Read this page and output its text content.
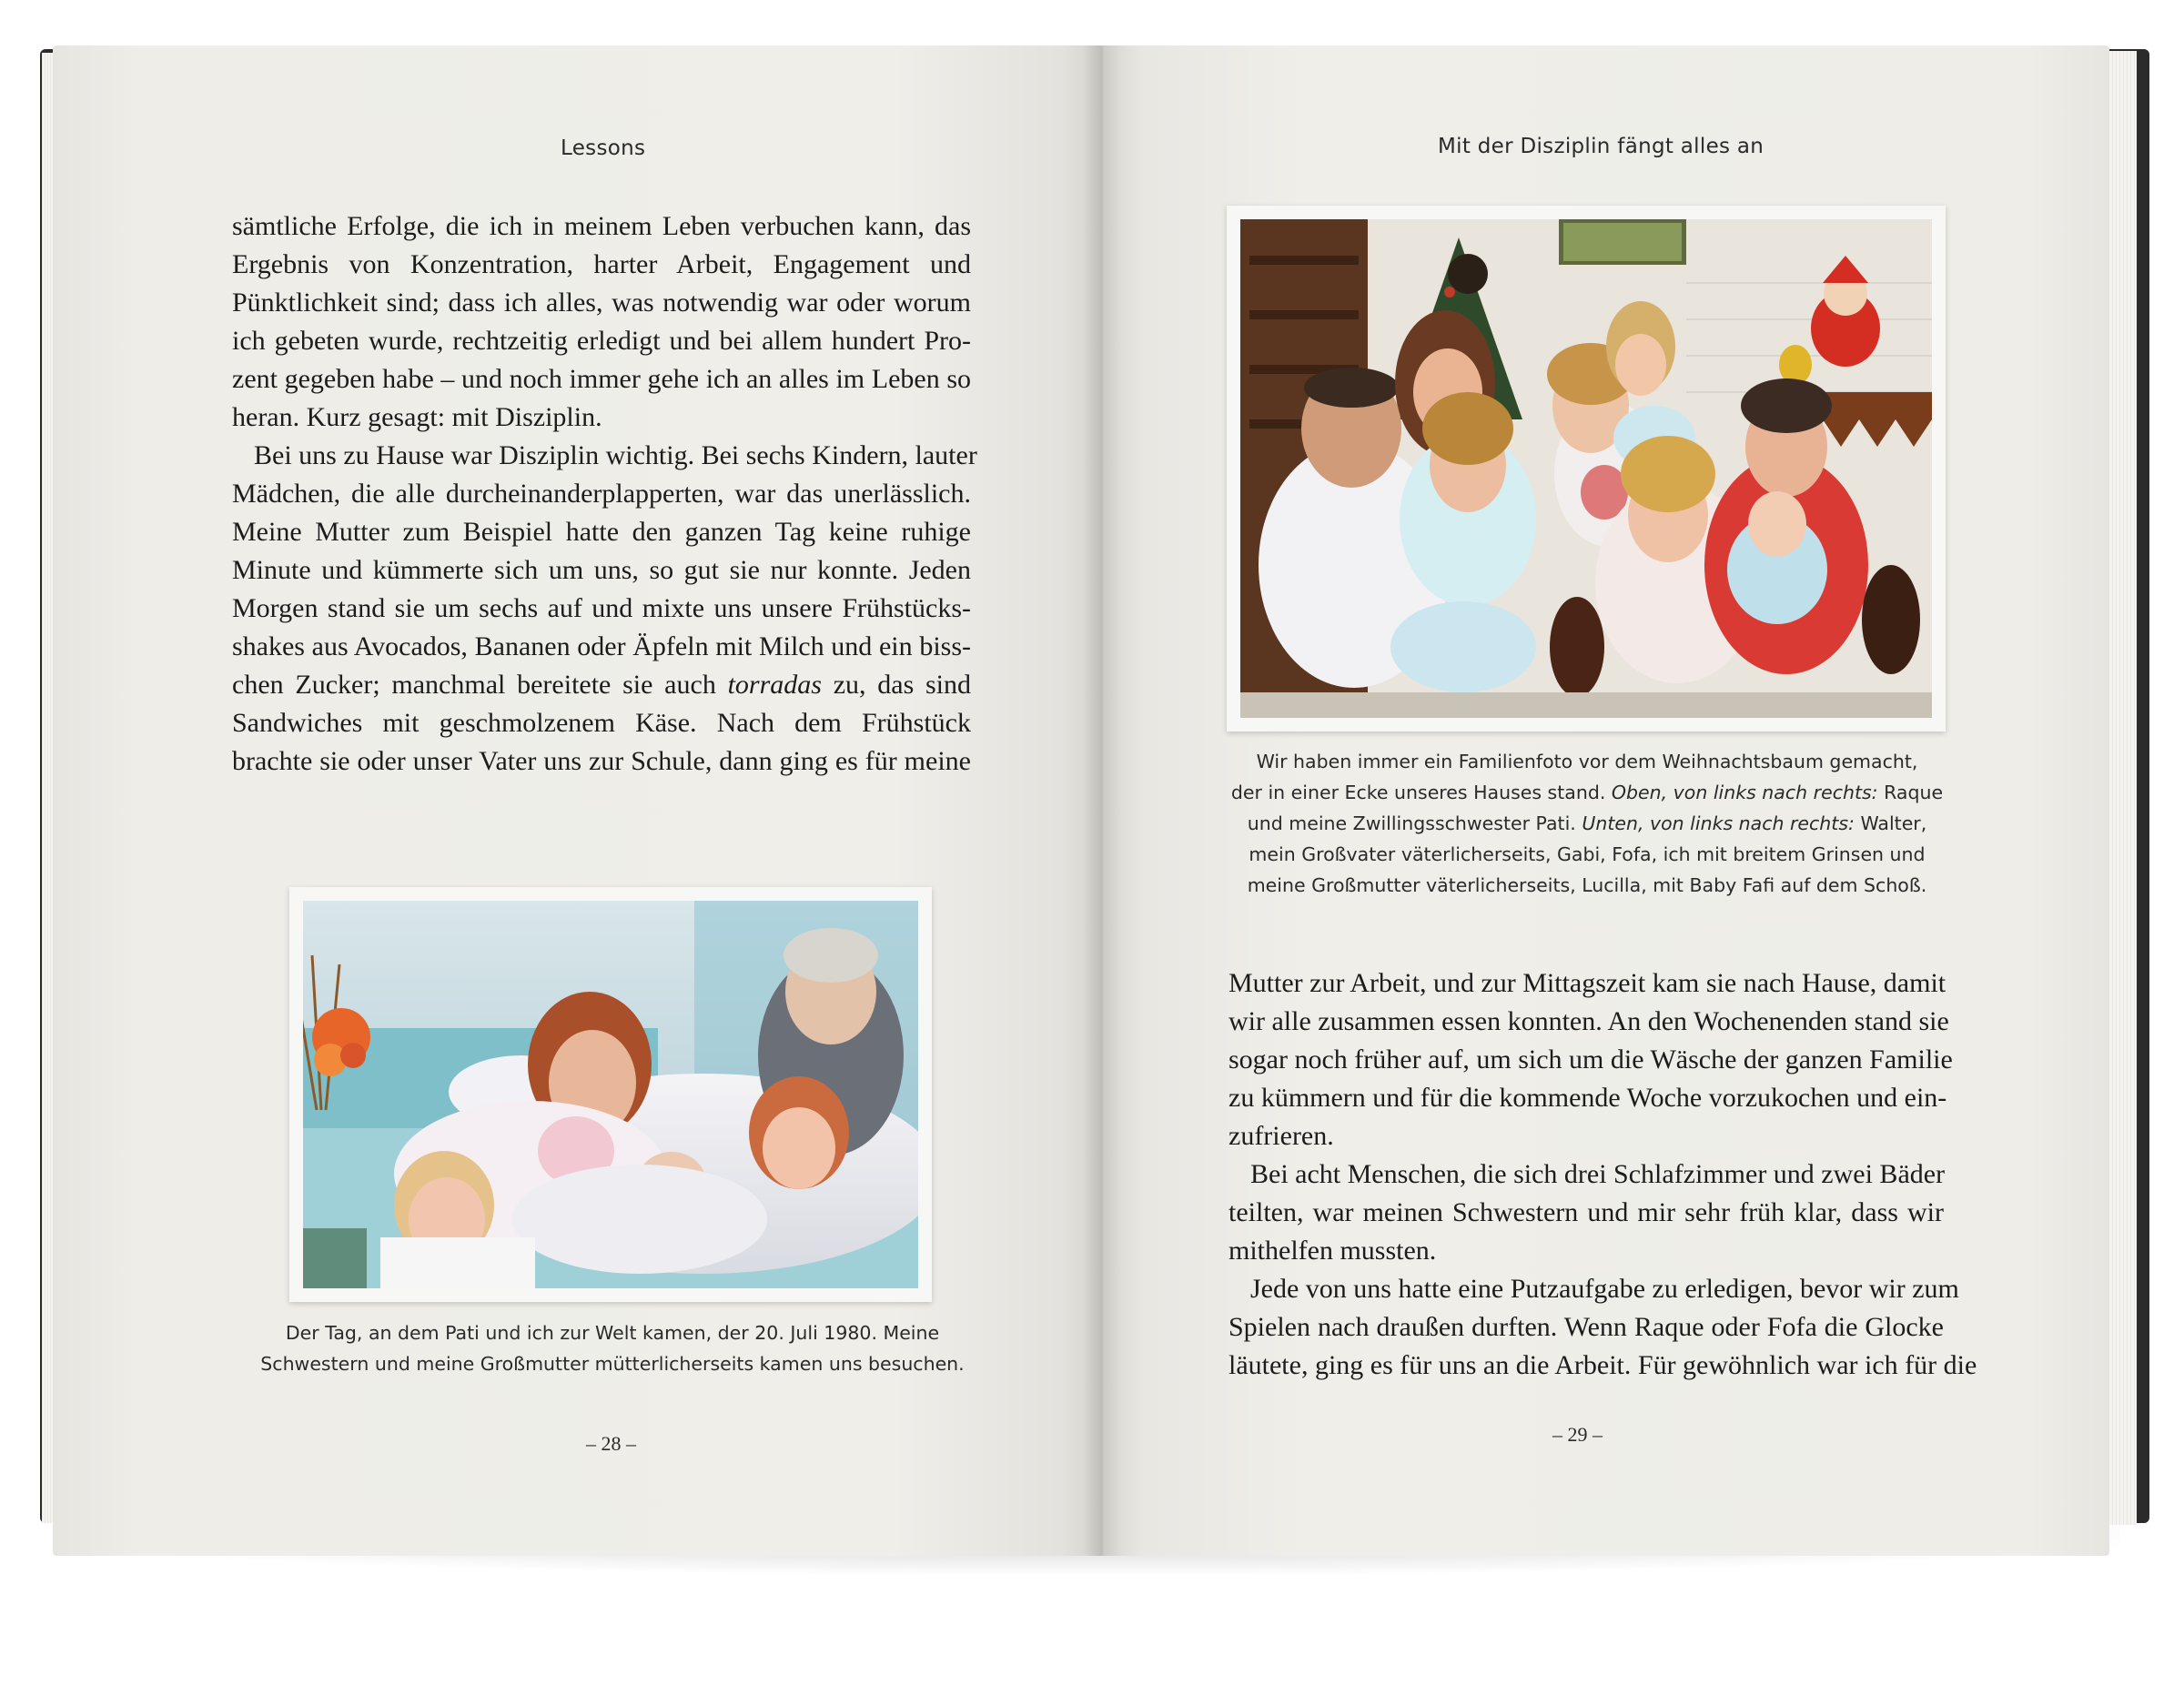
Lessons
sämtliche Erfolge, die ich in meinem Leben verbuchen kann, das
Ergebnis von Konzentration, harter Arbeit, Engagement und
Pünktlichkeit sind; dass ich alles, was notwendig war oder worum
ich gebeten wurde, rechtzeitig erledigt und bei allem hundert Pro-
zent gegeben habe – und noch immer gehe ich an alles im Leben so
heran. Kurz gesagt: mit Disziplin.
Bei uns zu Hause war Disziplin wichtig. Bei sechs Kindern, lauter
Mädchen, die alle durcheinanderplapperten, war das unerlässlich.
Meine Mutter zum Beispiel hatte den ganzen Tag keine ruhige
Minute und kümmerte sich um uns, so gut sie nur konnte. Jeden
Morgen stand sie um sechs auf und mixte uns unsere Frühstücks-
shakes aus Avocados, Bananen oder Äpfeln mit Milch und ein biss-
chen Zucker; manchmal bereitete sie auch torradas zu, das sind
Sandwiches mit geschmolzenem Käse. Nach dem Frühstück
brachte sie oder unser Vater uns zur Schule, dann ging es für meine
Der Tag, an dem Pati und ich zur Welt kamen, der 20. Juli 1980. Meine
Schwestern und meine Großmutter mütterlicherseits kamen uns besuchen.
– 28 –
Mit der Disziplin fängt alles an
Wir haben immer ein Familienfoto vor dem Weihnachtsbaum gemacht,
der in einer Ecke unseres Hauses stand. Oben, von links nach rechts: Raque
und meine Zwillingsschwester Pati. Unten, von links nach rechts: Walter,
mein Großvater väterlicherseits, Gabi, Fofa, ich mit breitem Grinsen und
meine Großmutter väterlicherseits, Lucilla, mit Baby Fafi auf dem Schoß.
Mutter zur Arbeit, und zur Mittagszeit kam sie nach Hause, damit
wir alle zusammen essen konnten. An den Wochenenden stand sie
sogar noch früher auf, um sich um die Wäsche der ganzen Familie
zu kümmern und für die kommende Woche vorzukochen und ein-
zufrieren.
Bei acht Menschen, die sich drei Schlafzimmer und zwei Bäder
teilten, war meinen Schwestern und mir sehr früh klar, dass wir
mithelfen mussten.
Jede von uns hatte eine Putzaufgabe zu erledigen, bevor wir zum
Spielen nach draußen durften. Wenn Raque oder Fofa die Glocke
läutete, ging es für uns an die Arbeit. Für gewöhnlich war ich für die
– 29 –
